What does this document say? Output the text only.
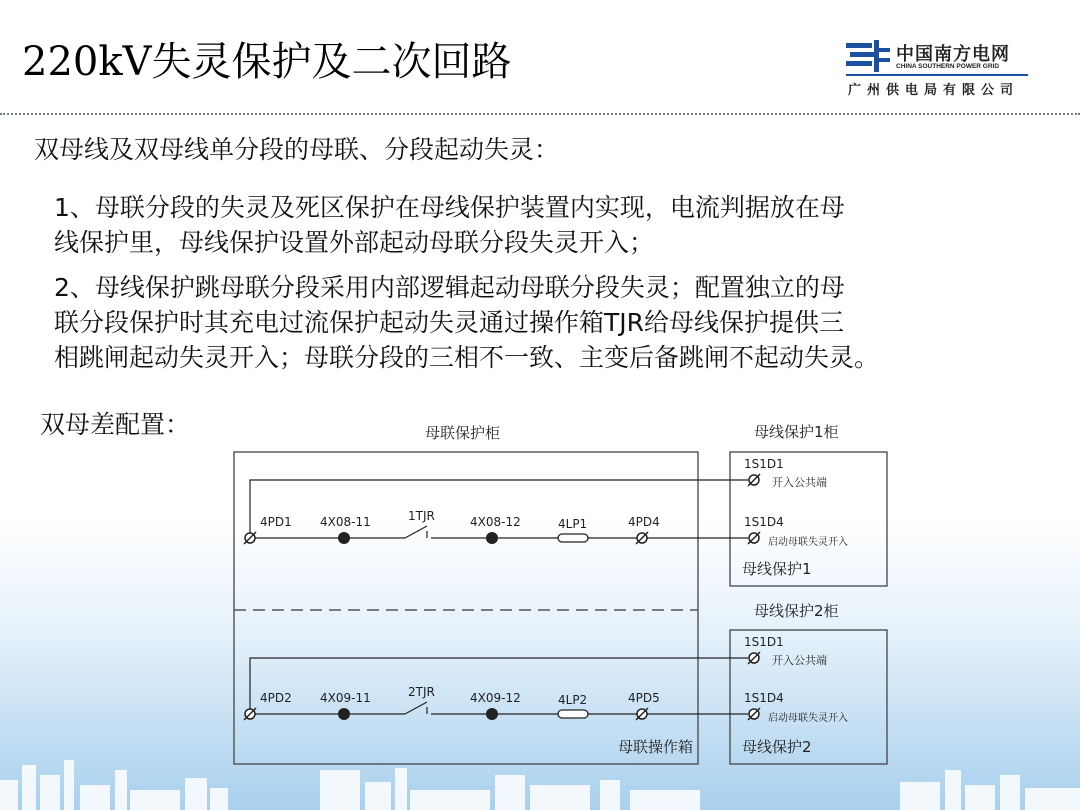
220kV失灵保护及二次回路	中国南方电网
CHINA SOUTHERN POWER GRID
广州供电局有限公司
双母线及双母线单分段的母联、分段起动失灵：
1、母联分段的失灵及死区保护在母线保护装置内实现，电流判据放在母
线保护里，母线保护设置外部起动母联分段失灵开入；
2、母线保护跳母联分段采用内部逻辑起动母联分段失灵；配置独立的母
联分段保护时其充电过流保护起动失灵通过操作箱TJR给母线保护提供三
相跳闸起动失灵开入；母联分段的三相不一致、主变后备跳闸不起动失灵。
双母差配置：	母联保护柜	母线保护1柜
母线保护2柜
4PD1 4X08-11	1TJR	4X08-12	4LP1	4PD4
1S1D1
开入公共端
1S1D4
启动母联失灵开入
母线保护1
4PD2 4X09-11	2TJR	4X09-12	4LP2	4PD5
1S1D1
开入公共端
1S1D4
启动母联失灵开入
母线保护2
母联操作箱
